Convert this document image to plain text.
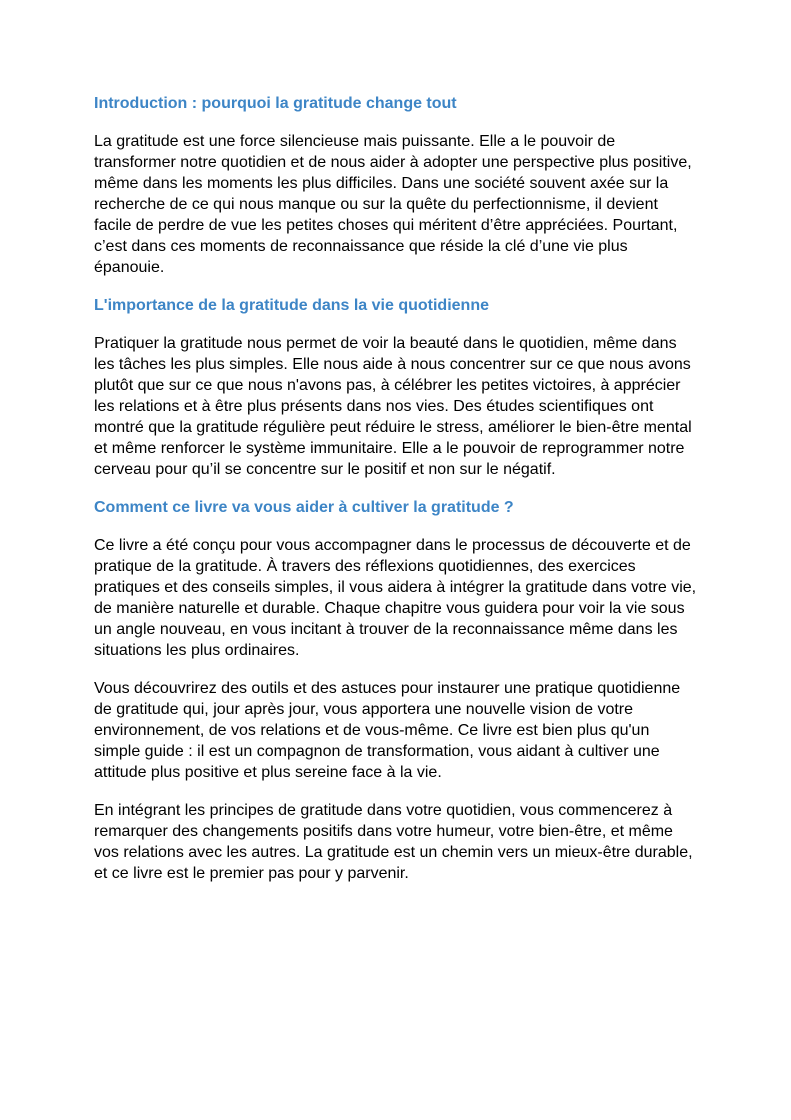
Introduction : pourquoi la gratitude change tout

La gratitude est une force silencieuse mais puissante. Elle a le pouvoir de transformer notre quotidien et de nous aider à adopter une perspective plus positive, même dans les moments les plus difficiles. Dans une société souvent axée sur la recherche de ce qui nous manque ou sur la quête du perfectionnisme, il devient facile de perdre de vue les petites choses qui méritent d’être appréciées. Pourtant, c’est dans ces moments de reconnaissance que réside la clé d’une vie plus épanouie.

L'importance de la gratitude dans la vie quotidienne

Pratiquer la gratitude nous permet de voir la beauté dans le quotidien, même dans les tâches les plus simples. Elle nous aide à nous concentrer sur ce que nous avons plutôt que sur ce que nous n'avons pas, à célébrer les petites victoires, à apprécier les relations et à être plus présents dans nos vies. Des études scientifiques ont montré que la gratitude régulière peut réduire le stress, améliorer le bien-être mental et même renforcer le système immunitaire. Elle a le pouvoir de reprogrammer notre cerveau pour qu’il se concentre sur le positif et non sur le négatif.

Comment ce livre va vous aider à cultiver la gratitude ?

Ce livre a été conçu pour vous accompagner dans le processus de découverte et de pratique de la gratitude. À travers des réflexions quotidiennes, des exercices pratiques et des conseils simples, il vous aidera à intégrer la gratitude dans votre vie, de manière naturelle et durable. Chaque chapitre vous guidera pour voir la vie sous un angle nouveau, en vous incitant à trouver de la reconnaissance même dans les situations les plus ordinaires.

Vous découvrirez des outils et des astuces pour instaurer une pratique quotidienne de gratitude qui, jour après jour, vous apportera une nouvelle vision de votre environnement, de vos relations et de vous-même. Ce livre est bien plus qu'un simple guide : il est un compagnon de transformation, vous aidant à cultiver une attitude plus positive et plus sereine face à la vie.

En intégrant les principes de gratitude dans votre quotidien, vous commencerez à remarquer des changements positifs dans votre humeur, votre bien-être, et même vos relations avec les autres. La gratitude est un chemin vers un mieux-être durable, et ce livre est le premier pas pour y parvenir.
